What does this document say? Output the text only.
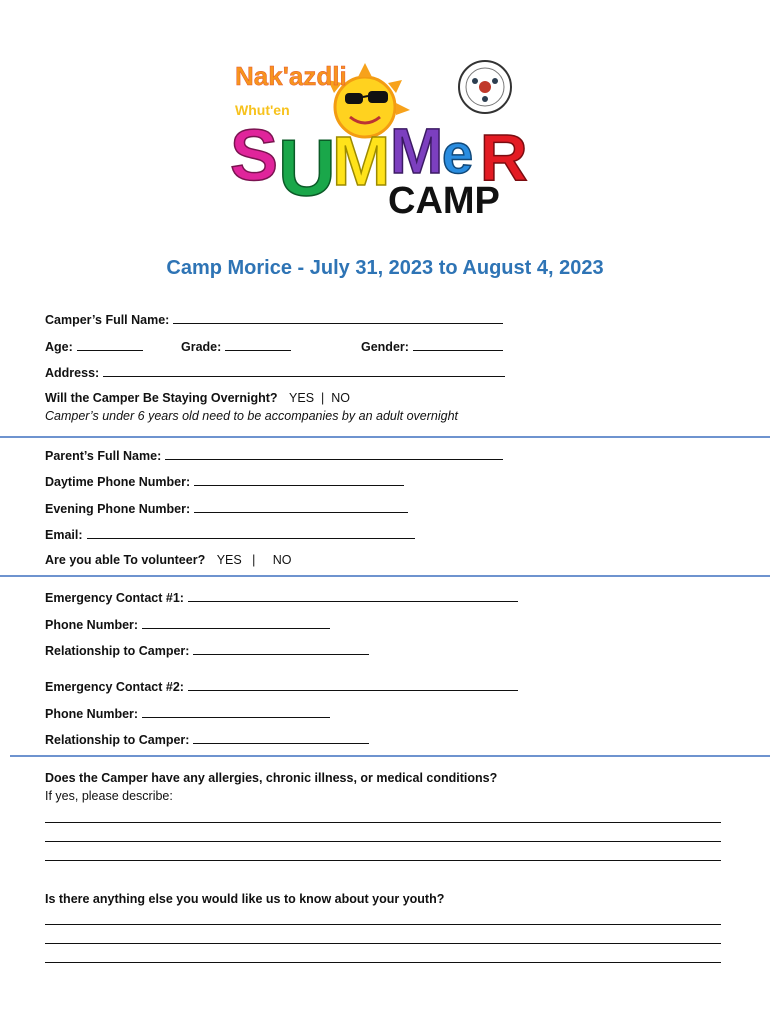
Nak'azdli
Whut'en
S U
M M
e R
CAMP
Camp Morice - July 31, 2023 to August 4, 2023
Camper’s Full Name:
Age:	Grade:	Gender:
Address:
Will the Camper Be Staying Overnight? YES  |  NO
Camper’s under 6 years old need to be accompanies by an adult overnight
Parent’s Full Name:
Daytime Phone Number:
Evening Phone Number:
Email:
Are you able To volunteer? YES   |     NO
Emergency Contact #1:
Phone Number:
Relationship to Camper:
Emergency Contact #2:
Phone Number:
Relationship to Camper:
Does the Camper have any allergies, chronic illness, or medical conditions?
If yes, please describe:
Is there anything else you would like us to know about your youth?
